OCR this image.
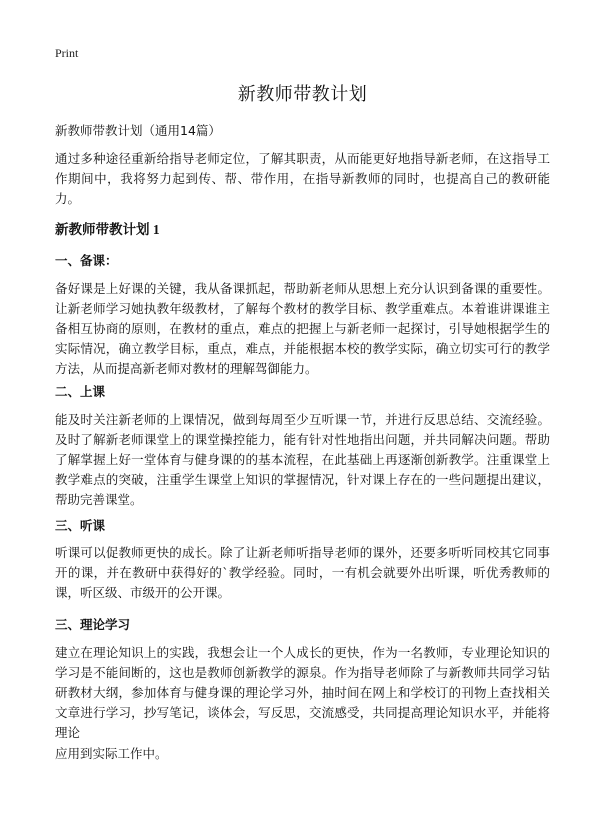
Print
新教师带教计划
新教师带教计划（通用14篇）

通过多种途径重新给指导老师定位，了解其职责，从而能更好地指导新老师，在这指导工作期间中，我将努力起到传、帮、带作用，在指导新教师的同时，也提高自己的教研能力。

新教师带教计划 1
一、备课：

备好课是上好课的关键，我从备课抓起，帮助新老师从思想上充分认识到备课的重要性。让新老师学习她执教年级教材，了解每个教材的教学目标、教学重难点。本着谁讲课谁主备相互协商的原则，在教材的重点，难点的把握上与新老师一起探讨，引导她根据学生的实际情况，确立教学目标，重点，难点，并能根据本校的教学实际，确立切实可行的教学方法，从而提高新老师对教材的理解驾御能力。

二、上课

能及时关注新老师的上课情况，做到每周至少互听课一节，并进行反思总结、交流经验。及时了解新老师课堂上的课堂操控能力，能有针对性地指出问题，并共同解决问题。帮助了解掌握上好一堂体育与健身课的的基本流程，在此基础上再逐渐创新教学。注重课堂上教学难点的突破，注重学生课堂上知识的掌握情况，针对课上存在的一些问题提出建议，帮助完善课堂。

三、听课

听课可以促教师更快的成长。除了让新老师听指导老师的课外，还要多听听同校其它同事开的课，并在教研中获得好的`教学经验。同时，一有机会就要外出听课，听优秀教师的课，听区级、市级开的公开课。

三、理论学习

建立在理论知识上的实践，我想会让一个人成长的更快，作为一名教师，专业理论知识的学习是不能间断的，这也是教师创新教学的源泉。作为指导老师除了与新教师共同学习钻研教材大纲，参加体育与健身课的理论学习外，抽时间在网上和学校订的刊物上查找相关文章进行学习，抄写笔记，谈体会，写反思，交流感受，共同提高理论知识水平，并能将理论

应用到实际工作中。
